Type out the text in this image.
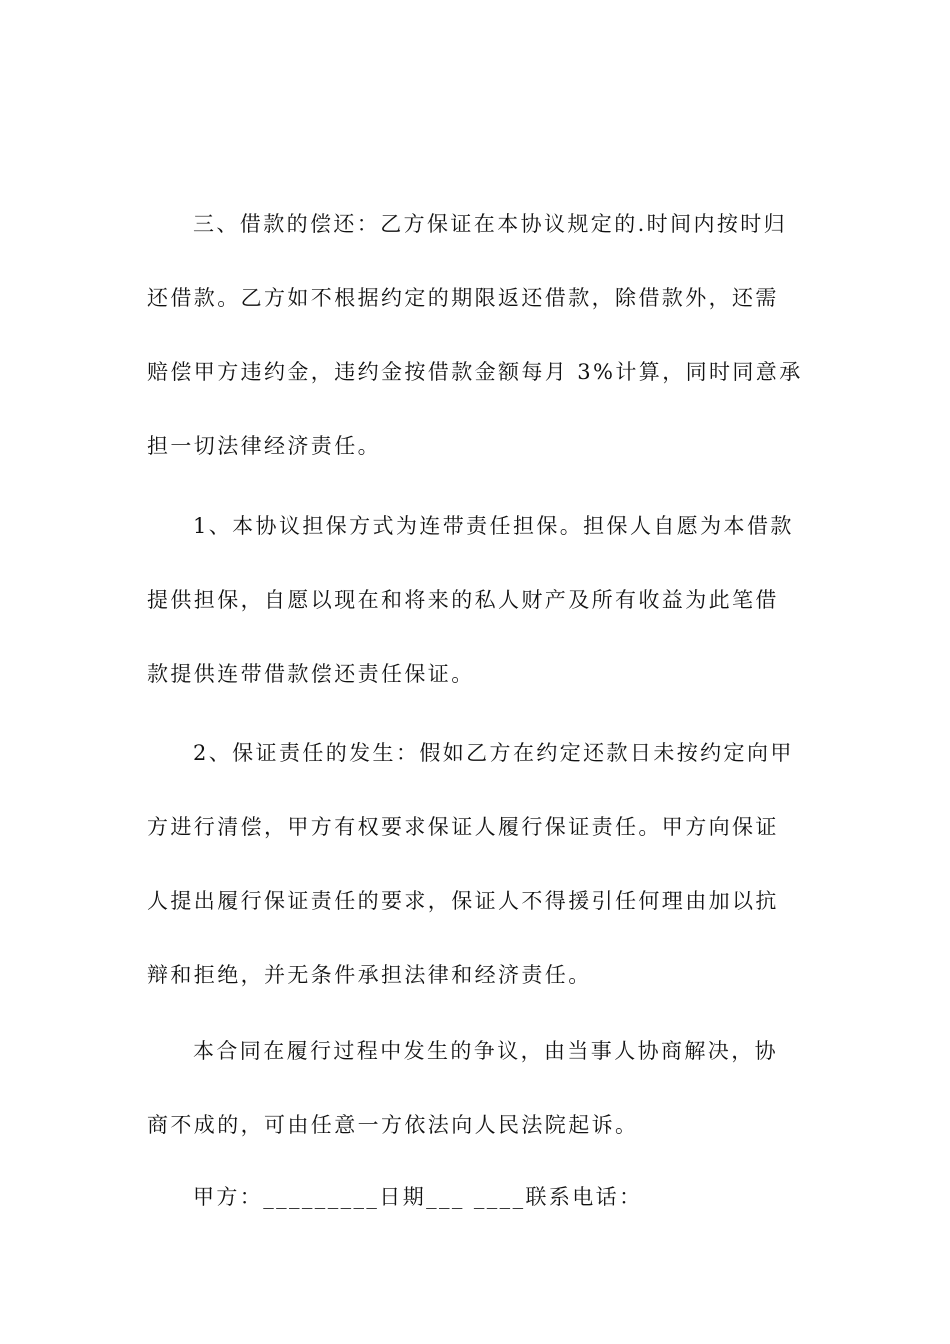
三、借款的偿还：乙方保证在本协议规定的.时间内按时归
还借款。乙方如不根据约定的期限返还借款，除借款外，还需
赔偿甲方违约金，违约金按借款金额每月 3%计算，同时同意承
担一切法律经济责任。
1、本协议担保方式为连带责任担保。担保人自愿为本借款
提供担保，自愿以现在和将来的私人财产及所有收益为此笔借
款提供连带借款偿还责任保证。
2、保证责任的发生：假如乙方在约定还款日未按约定向甲
方进行清偿，甲方有权要求保证人履行保证责任。甲方向保证
人提出履行保证责任的要求，保证人不得援引任何理由加以抗
辩和拒绝，并无条件承担法律和经济责任。
本合同在履行过程中发生的争议，由当事人协商解决，协
商不成的，可由任意一方依法向人民法院起诉。
甲方：_________日期___ ____联系电话：
